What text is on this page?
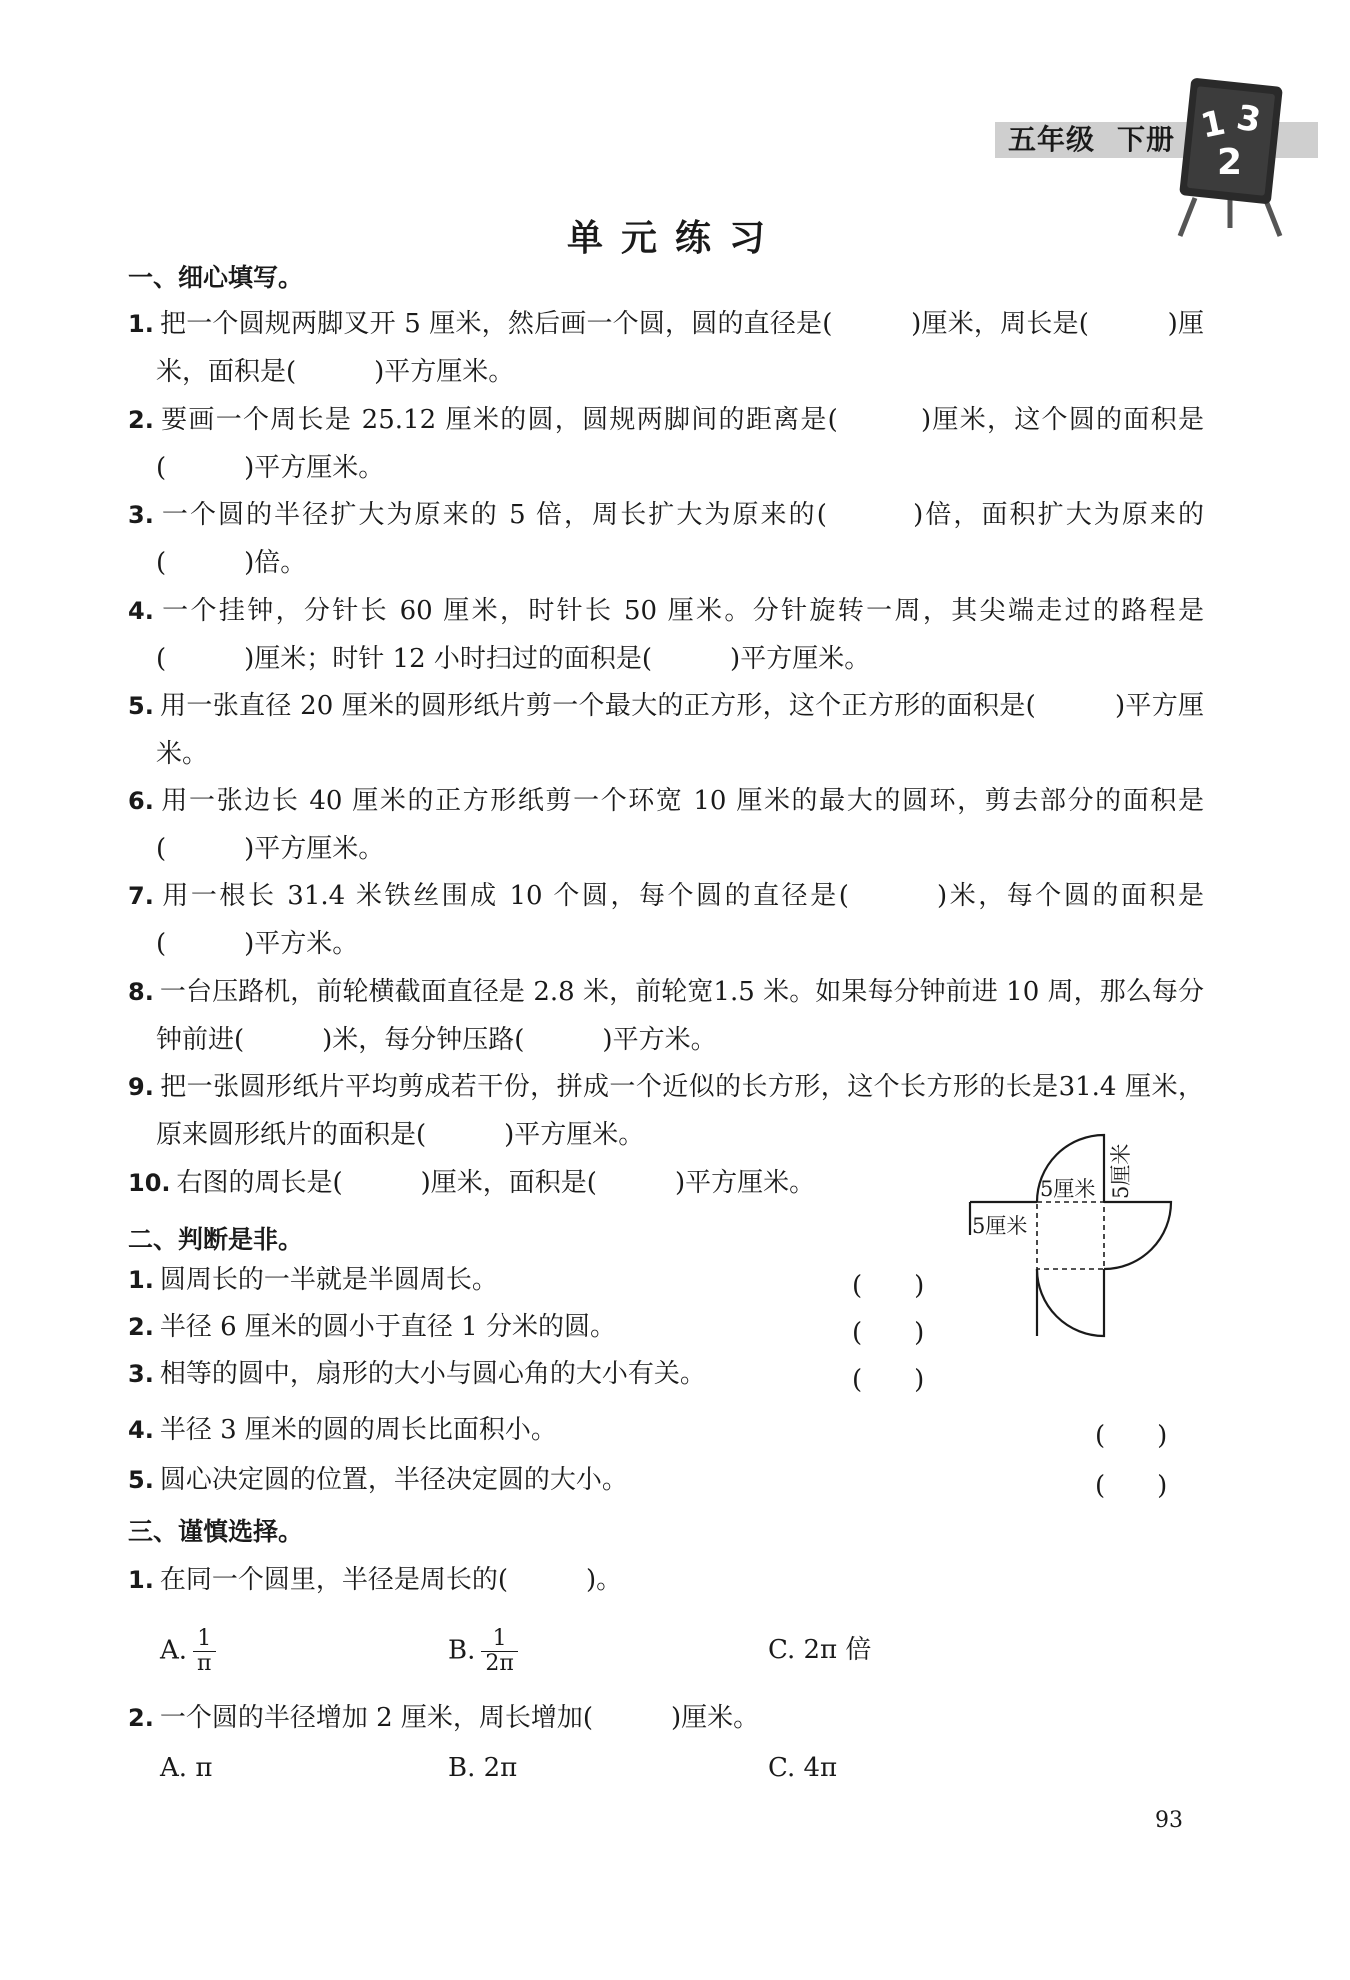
五年级 下册 1 3
2
单元练习
一、细心填写。
1. 把一个圆规两脚叉开 5 厘米，然后画一个圆，圆的直径是(　　　)厘米，周长是(　　　)厘米，面积是(　　　)平方厘米。
2. 要画一个周长是 25.12 厘米的圆，圆规两脚间的距离是(　　　)厘米，这个圆的面积是(　　　)平方厘米。
3. 一个圆的半径扩大为原来的 5 倍，周长扩大为原来的(　　　)倍，面积扩大为原来的(　　　)倍。
4. 一个挂钟，分针长 60 厘米，时针长 50 厘米。分针旋转一周，其尖端走过的路程是(　　　)厘米；时针 12 小时扫过的面积是(　　　)平方厘米。
5. 用一张直径 20 厘米的圆形纸片剪一个最大的正方形，这个正方形的面积是(　　　)平方厘米。
6. 用一张边长 40 厘米的正方形纸剪一个环宽 10 厘米的最大的圆环，剪去部分的面积是(　　　)平方厘米。
7. 用一根长 31.4 米铁丝围成 10 个圆，每个圆的直径是(　　　)米，每个圆的面积是(　　　)平方米。
8. 一台压路机，前轮横截面直径是 2.8 米，前轮宽1.5 米。如果每分钟前进 10 周，那么每分钟前进(　　　)米，每分钟压路(　　　)平方米。
9. 把一张圆形纸片平均剪成若干份，拼成一个近似的长方形，这个长方形的长是31.4 厘米，原来圆形纸片的面积是(　　　)平方厘米。
10. 右图的周长是(　　　)厘米，面积是(　　　)平方厘米。	5厘米 5厘米
5厘米
二、判断是非。
1. 圆周长的一半就是半圆周长。	(　　)
2. 半径 6 厘米的圆小于直径 1 分米的圆。	(　　)
3. 相等的圆中，扇形的大小与圆心角的大小有关。	(　　)
4. 半径 3 厘米的圆的周长比面积小。	(　　)
5. 圆心决定圆的位置，半径决定圆的大小。	(　　)
三、谨慎选择。
1. 在同一个圆里，半径是周长的(　　　)。
A. $\frac{1}{\pi}$	B. $\frac{1}{2\pi}$	C. 2π 倍
2. 一个圆的半径增加 2 厘米，周长增加(　　　)厘米。
A. π	B. 2π	C. 4π
93
